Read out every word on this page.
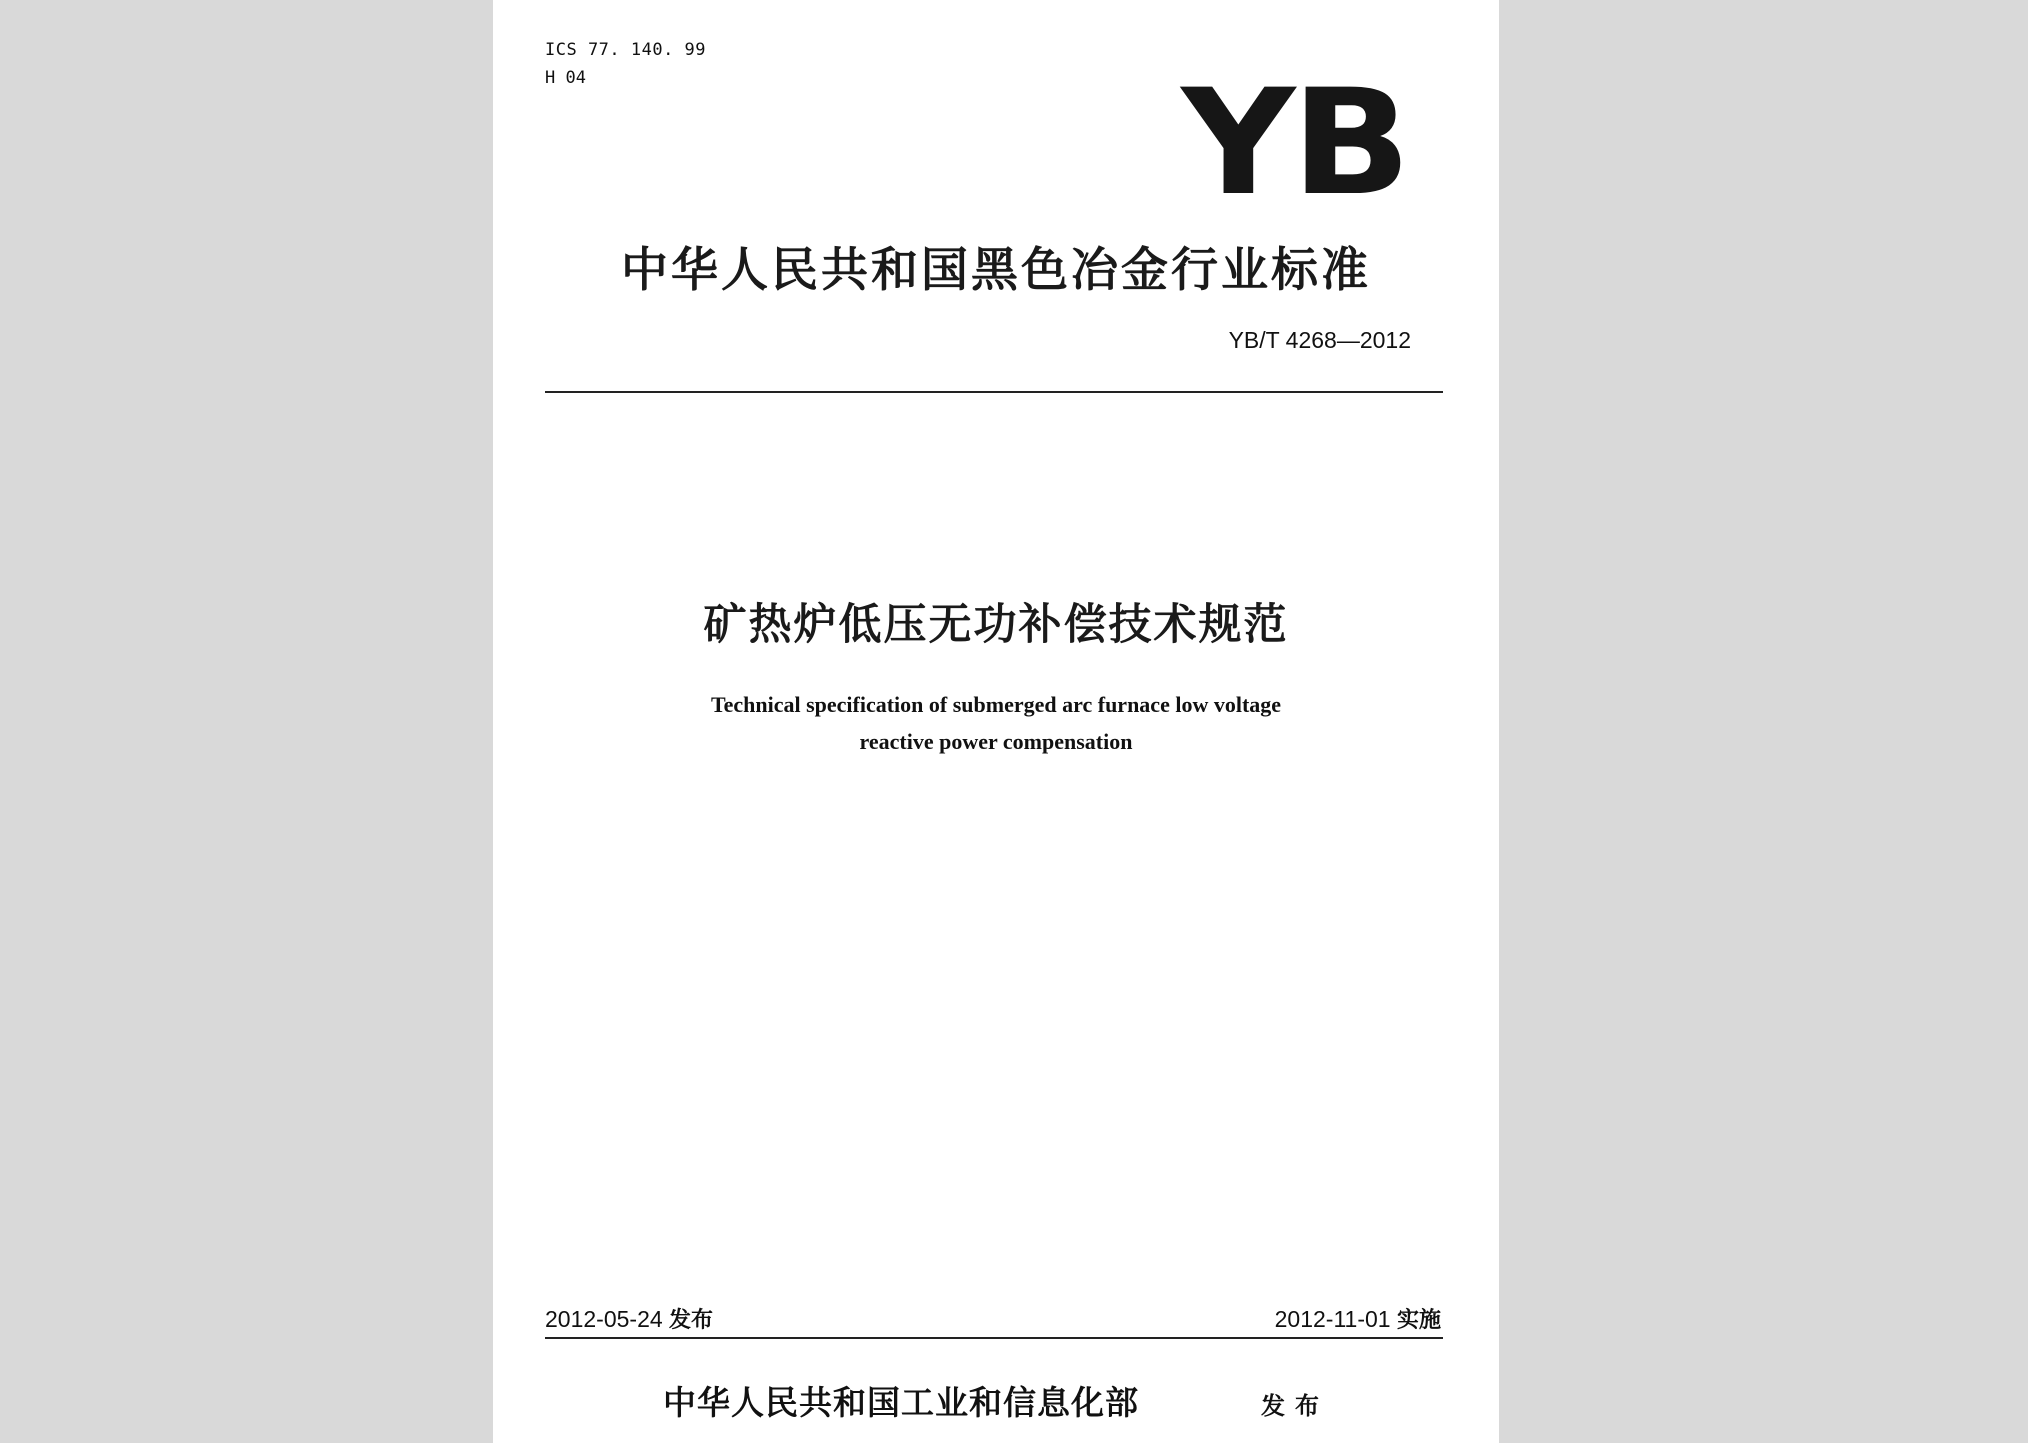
ICS 77. 140. 99

H 04	YB
中华人民共和国黑色冶金行业标准
YB/T 4268—2012
矿热炉低压无功补偿技术规范
Technical specification of submerged arc furnace low voltage
reactive power compensation
2012-05-24 发布	2012-11-01 实施
中华人民共和国工业和信息化部	发布
